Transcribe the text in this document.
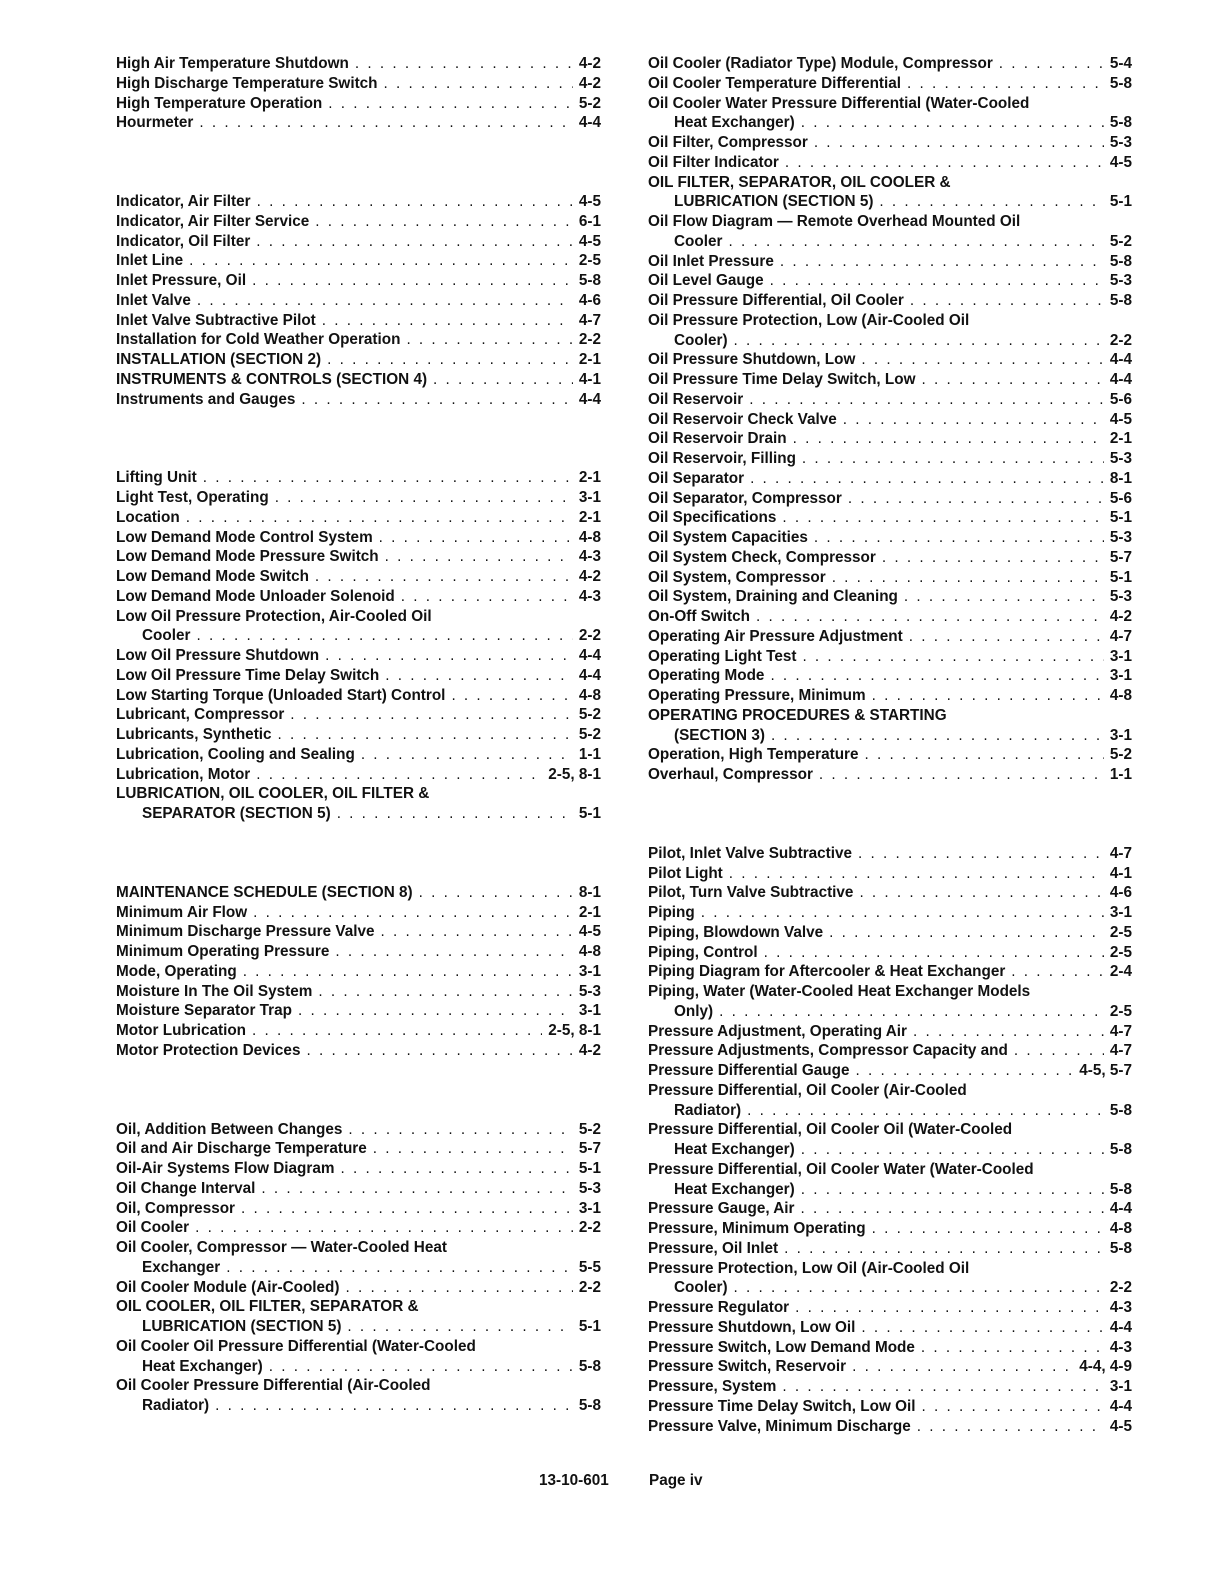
High Air Temperature Shutdown . . .	4-2
High Discharge Temperature Switch . . .	4-2
High Temperature Operation . . .	5-2
Hourmeter . . .	4-4
Indicator, Air Filter . . .	4-5
Indicator, Air Filter Service . . .	6-1
Indicator, Oil Filter . . .	4-5
Inlet Line . . .	2-5
Inlet Pressure, Oil . . .	5-8
Inlet Valve . . .	4-6
Inlet Valve Subtractive Pilot . . .	4-7
Installation for Cold Weather Operation . . .	2-2
INSTALLATION (SECTION 2) . . .	2-1
INSTRUMENTS & CONTROLS (SECTION 4) . . .	4-1
Instruments and Gauges . . .	4-4
Lifting Unit . . .	2-1
Light Test, Operating . . .	3-1
Location . . .	2-1
Low Demand Mode Control System . . .	4-8
Low Demand Mode Pressure Switch . . .	4-3
Low Demand Mode Switch . . .	4-2
Low Demand Mode Unloader Solenoid . . .	4-3
Low Oil Pressure Protection, Air-Cooled Oil
Cooler . . .	2-2
Low Oil Pressure Shutdown . . .	4-4
Low Oil Pressure Time Delay Switch . . .	4-4
Low Starting Torque (Unloaded Start) Control . . .	4-8
Lubricant, Compressor . . .	5-2
Lubricants, Synthetic . . .	5-2
Lubrication, Cooling and Sealing . . .	1-1
Lubrication, Motor . . .	2-5, 8-1
LUBRICATION, OIL COOLER, OIL FILTER &
SEPARATOR (SECTION 5) . . .	5-1
MAINTENANCE SCHEDULE (SECTION 8) . . .	8-1
Minimum Air Flow . . .	2-1
Minimum Discharge Pressure Valve . . .	4-5
Minimum Operating Pressure . . .	4-8
Mode, Operating . . .	3-1
Moisture In The Oil System . . .	5-3
Moisture Separator Trap . . .	3-1
Motor Lubrication . . .	2-5, 8-1
Motor Protection Devices . . .	4-2
Oil, Addition Between Changes . . .	5-2
Oil and Air Discharge Temperature . . .	5-7
Oil-Air Systems Flow Diagram . . .	5-1
Oil Change Interval . . .	5-3
Oil, Compressor . . .	3-1
Oil Cooler . . .	2-2
Oil Cooler, Compressor — Water-Cooled Heat
Exchanger . . .	5-5
Oil Cooler Module (Air-Cooled) . . .	2-2
OIL COOLER, OIL FILTER, SEPARATOR &
LUBRICATION (SECTION 5) . . .	5-1
Oil Cooler Oil Pressure Differential (Water-Cooled
Heat Exchanger) . . .	5-8
Oil Cooler Pressure Differential (Air-Cooled
Radiator) . . .	5-8
Oil Cooler (Radiator Type) Module, Compressor . . .	5-4
Oil Cooler Temperature Differential . . .	5-8
Oil Cooler Water Pressure Differential (Water-Cooled
Heat Exchanger) . . .	5-8
Oil Filter, Compressor . . .	5-3
Oil Filter Indicator . . .	4-5
OIL FILTER, SEPARATOR, OIL COOLER &
LUBRICATION (SECTION 5) . . .	5-1
Oil Flow Diagram — Remote Overhead Mounted Oil
Cooler . . .	5-2
Oil Inlet Pressure . . .	5-8
Oil Level Gauge . . .	5-3
Oil Pressure Differential, Oil Cooler . . .	5-8
Oil Pressure Protection, Low (Air-Cooled Oil
Cooler) . . .	2-2
Oil Pressure Shutdown, Low . . .	4-4
Oil Pressure Time Delay Switch, Low . . .	4-4
Oil Reservoir . . .	5-6
Oil Reservoir Check Valve . . .	4-5
Oil Reservoir Drain . . .	2-1
Oil Reservoir, Filling . . .	5-3
Oil Separator . . .	8-1
Oil Separator, Compressor . . .	5-6
Oil Specifications . . .	5-1
Oil System Capacities . . .	5-3
Oil System Check, Compressor . . .	5-7
Oil System, Compressor . . .	5-1
Oil System, Draining and Cleaning . . .	5-3
On-Off Switch . . .	4-2
Operating Air Pressure Adjustment . . .	4-7
Operating Light Test . . .	3-1
Operating Mode . . .	3-1
Operating Pressure, Minimum . . .	4-8
OPERATING PROCEDURES & STARTING
(SECTION 3) . . .	3-1
Operation, High Temperature . . .	5-2
Overhaul, Compressor . . .	1-1
Pilot, Inlet Valve Subtractive . . .	4-7
Pilot Light . . .	4-1
Pilot, Turn Valve Subtractive . . .	4-6
Piping . . .	3-1
Piping, Blowdown Valve . . .	2-5
Piping, Control . . .	2-5
Piping Diagram for Aftercooler & Heat Exchanger . . .	2-4
Piping, Water (Water-Cooled Heat Exchanger Models
Only) . . .	2-5
Pressure Adjustment, Operating Air . . .	4-7
Pressure Adjustments, Compressor Capacity and . . .	4-7
Pressure Differential Gauge . . .	4-5, 5-7
Pressure Differential, Oil Cooler (Air-Cooled
Radiator) . . .	5-8
Pressure Differential, Oil Cooler Oil (Water-Cooled
Heat Exchanger) . . .	5-8
Pressure Differential, Oil Cooler Water (Water-Cooled
Heat Exchanger) . . .	5-8
Pressure Gauge, Air . . .	4-4
Pressure, Minimum Operating . . .	4-8
Pressure, Oil Inlet . . .	5-8
Pressure Protection, Low Oil (Air-Cooled Oil
Cooler) . . .	2-2
Pressure Regulator . . .	4-3
Pressure Shutdown, Low Oil . . .	4-4
Pressure Switch, Low Demand Mode . . .	4-3
Pressure Switch, Reservoir . . .	4-4, 4-9
Pressure, System . . .	3-1
Pressure Time Delay Switch, Low Oil . . .	4-4
Pressure Valve, Minimum Discharge . . .	4-5
13-10-601	Page iv
